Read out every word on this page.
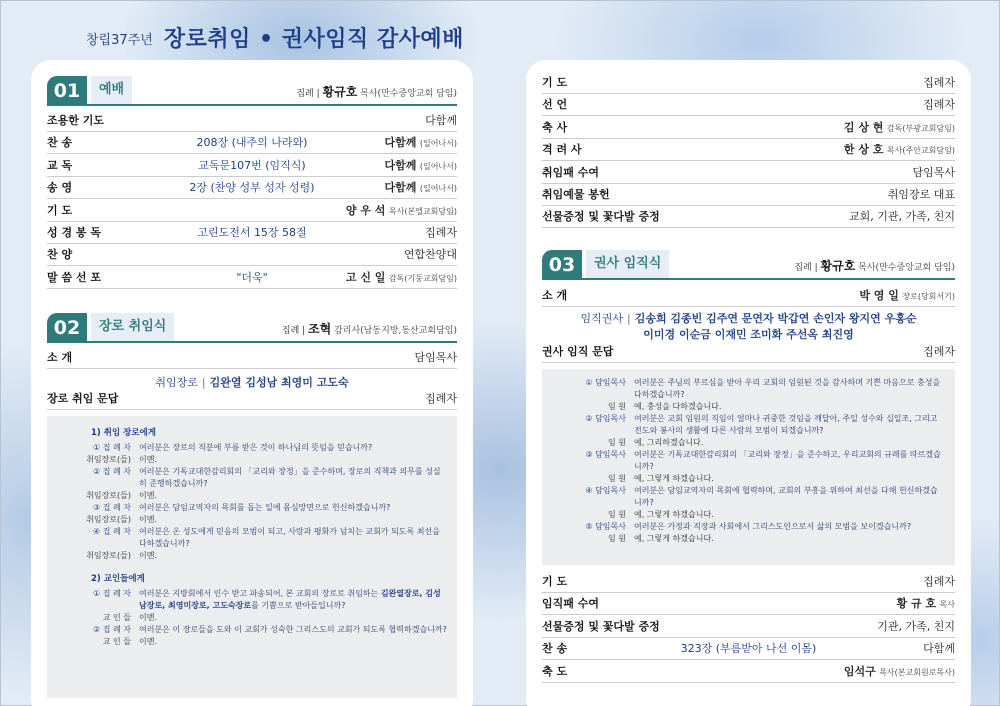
창립37주년 장로취임 • 권사임직 감사예배
01	예배	집례 | 황규호 목사(만수중앙교회 담임)
조용한 기도	다함께
찬 송	208장 (내주의 나라와)	다함께 (일어나서)
교 독	교독문107번 (임직식)	다함께 (일어나서)
송 영	2장 (찬양 성부 성자 성령)	다함께 (일어나서)
기 도	양 우 석 목사(본엘교회담임)
성 경 봉 독	고린도전서 15장 58절	집례자
찬 양	연합찬양대
말 씀 선 포	"더욱"	고 신 일 감독(기둥교회담임)
02	장로 취임식	집례 | 조혁 감리사(남동지방,동산교회담임)
소 개	담임목사
취임장로 | 김완열 김성남 최영미 고도숙
장로 취임 문답	집례자
1) 취임 장로에게
① 집 례 자	여러분은 장로의 직분에 부름 받은 것이 하나님의 뜻임을 믿습니까?
취임장로(들)	이멘.
② 집 례 자	여러분은 기독교대한감리회의 「교리와 장정」을 준수하며, 장로의 직책과 의무를 성실히 준행하겠습니까?
취임장로(들)	이멘.
③ 집 례 자	여러분은 담임교역자의 목회를 돕는 일에 몸심망면으로 헌신하겠습니까?
취임장로(들)	이멘.
④ 집 례 자	여러분은 온 성도에게 믿음의 모범이 되고, 사랑과 평화가 넘치는 교회가 되도록 최선을 다하겠습니까?
취임장로(들)	이멘.
2) 교인들에게
① 집 례 자	여러분은 지방회에서 인수 받고 파송되어, 본 교회의 장로로 취임하는 김완열장로, 김성남장로, 최영미장로, 고도숙장로를 기쁨으로 받아들입니까?
교 인 들	이멘.
② 집 례 자	여러분은 이 장로들을 도와 이 교회가 성숙한 그리스도의 교회가 되도록 협력하겠습니까?
교 인 들	이멘.
기 도	집례자
선 언	집례자
축 사	김 상 현 감독(부광교회담임)
격 려 사	한 상 호 목사(주안교회담임)
취임패 수여	담임목사
취임예물 봉헌	취임장로 대표
선물증정 및 꽃다발 증정	교회, 기관, 가족, 친지
03	권사 임직식	집례 | 황규호 목사(만수중앙교회 담임)
소 개	박 영 일 장로(당회서기)
임직권사 | 김송희 김종빈 김주연 문연자 박갑연 손인자 왕지연 우홍순
이미경 이순금 이재민 조미화 주선옥 최진영
권사 임직 문답	집례자
① 담임목사	여러분은 주님의 부르심을 받아 우리 교회의 임원된 것을 감사하며 기쁜 마음으로 충성을 다하겠습니까?
임 원	예, 충성을 다하겠습니다.
② 담임목사	여러분은 교회 임원의 직임이 얼마나 귀중한 것임을 깨달아, 주일 성수와 십일조, 그리고 전도와 봉사의 생활에 다른 사람의 모범이 되겠습니까?
임 원	예, 그리하겠습니다.
③ 담임목사	여러분은 기독교대한감리회의 「교리와 장정」을 준수하고, 우리교회의 규례를 따르겠습니까?
임 원	예, 그렇게 하겠습니다.
④ 담임목사	여러분은 담임교역자의 목회에 협력하며, 교회의 부흥을 위하여 최선을 다해 헌신하겠습니까?
임 원	예, 그렇게 하겠습니다.
⑤ 담임목사	여러분은 가정과 직장과 사회에서 그리스도인으로서 삶의 모범을 보이겠습니까?
임 원	예, 그렇게 하겠습니다.
기 도	집례자
임직패 수여	황 규 호 목사
선물증정 및 꽃다발 증정	기관, 가족, 친지
찬 송	323장 (부름받아 나선 이몸)	다함께
축 도	임석구 목사(본교회원로목사)
